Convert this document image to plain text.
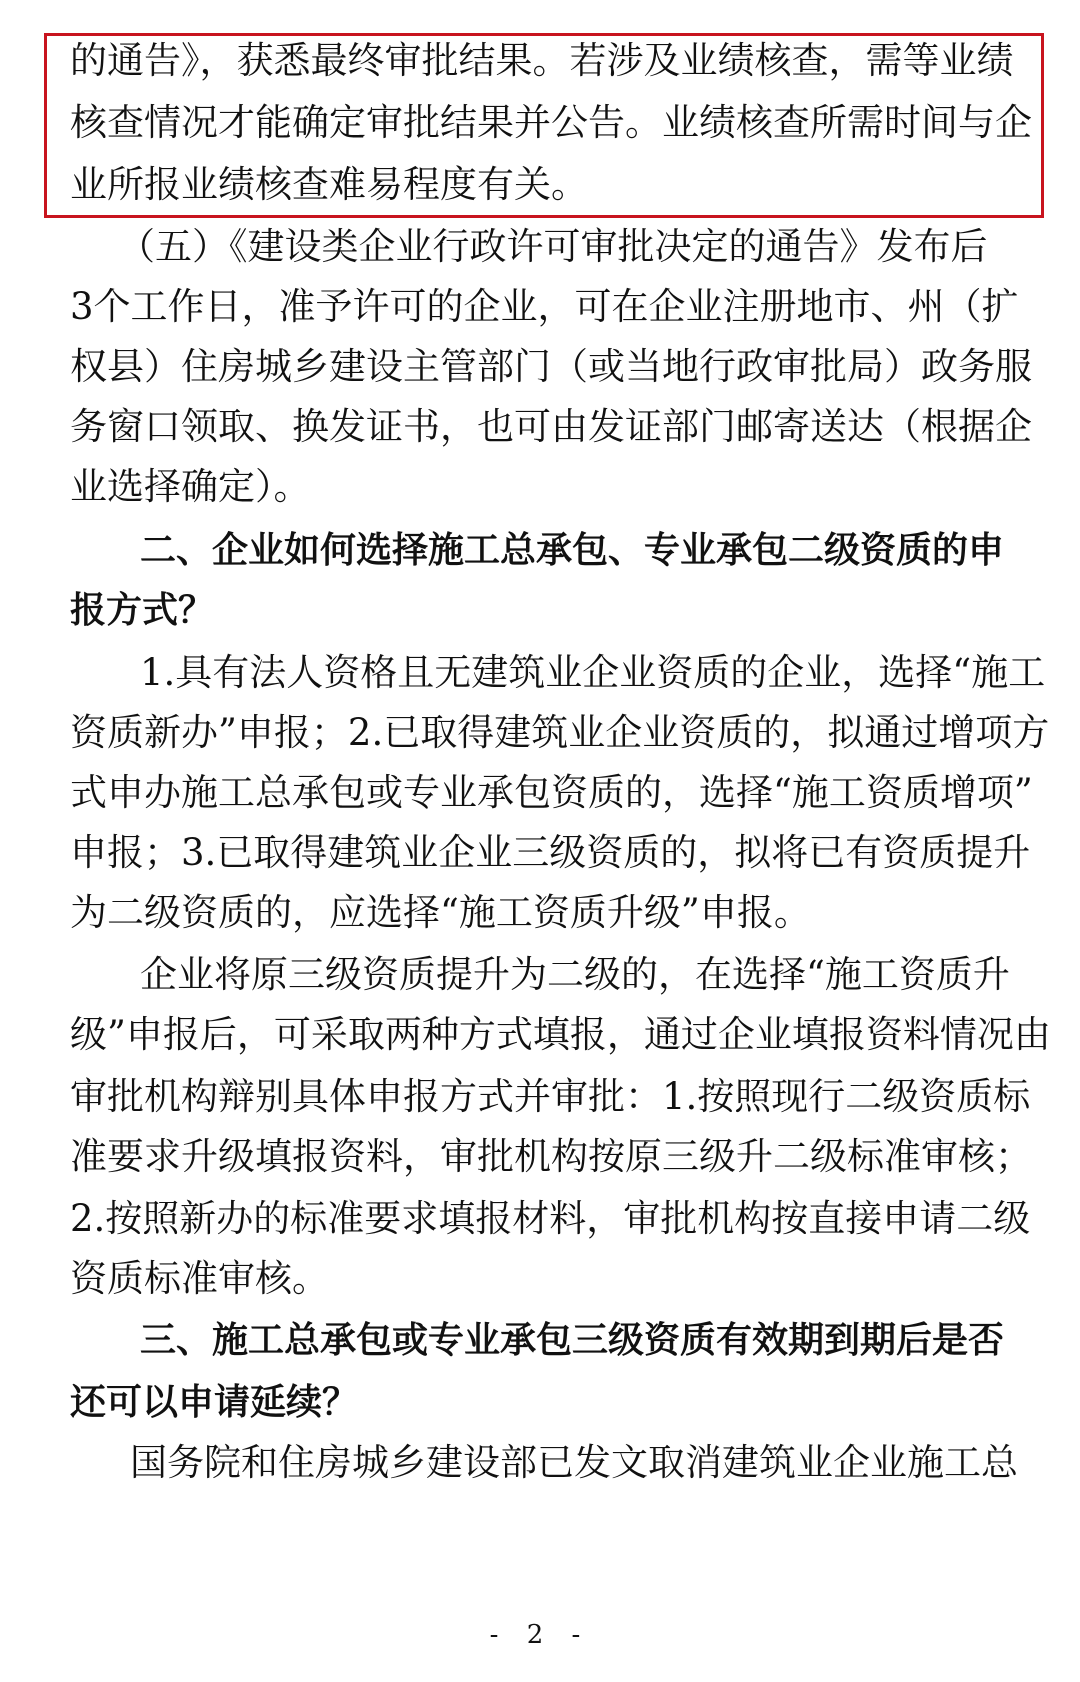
的通告》，获悉最终审批结果。若涉及业绩核查，需等业绩
核查情况才能确定审批结果并公告。业绩核查所需时间与企
业所报业绩核查难易程度有关。
（五）《建设类企业行政许可审批决定的通告》发布后
3个工作日，准予许可的企业，可在企业注册地市、州（扩
权县）住房城乡建设主管部门（或当地行政审批局）政务服
务窗口领取、换发证书，也可由发证部门邮寄送达（根据企
业选择确定）。
二、企业如何选择施工总承包、专业承包二级资质的申
报方式？
1.具有法人资格且无建筑业企业资质的企业，选择“施工
资质新办”申报；2.已取得建筑业企业资质的，拟通过增项方
式申办施工总承包或专业承包资质的，选择“施工资质增项”
申报；3.已取得建筑业企业三级资质的，拟将已有资质提升
为二级资质的，应选择“施工资质升级”申报。
企业将原三级资质提升为二级的，在选择“施工资质升
级”申报后，可采取两种方式填报，通过企业填报资料情况由
审批机构辩别具体申报方式并审批：1.按照现行二级资质标
准要求升级填报资料，审批机构按原三级升二级标准审核；
2.按照新办的标准要求填报材料，审批机构按直接申请二级
资质标准审核。
三、施工总承包或专业承包三级资质有效期到期后是否
还可以申请延续？
国务院和住房城乡建设部已发文取消建筑业企业施工总
- 2 -
